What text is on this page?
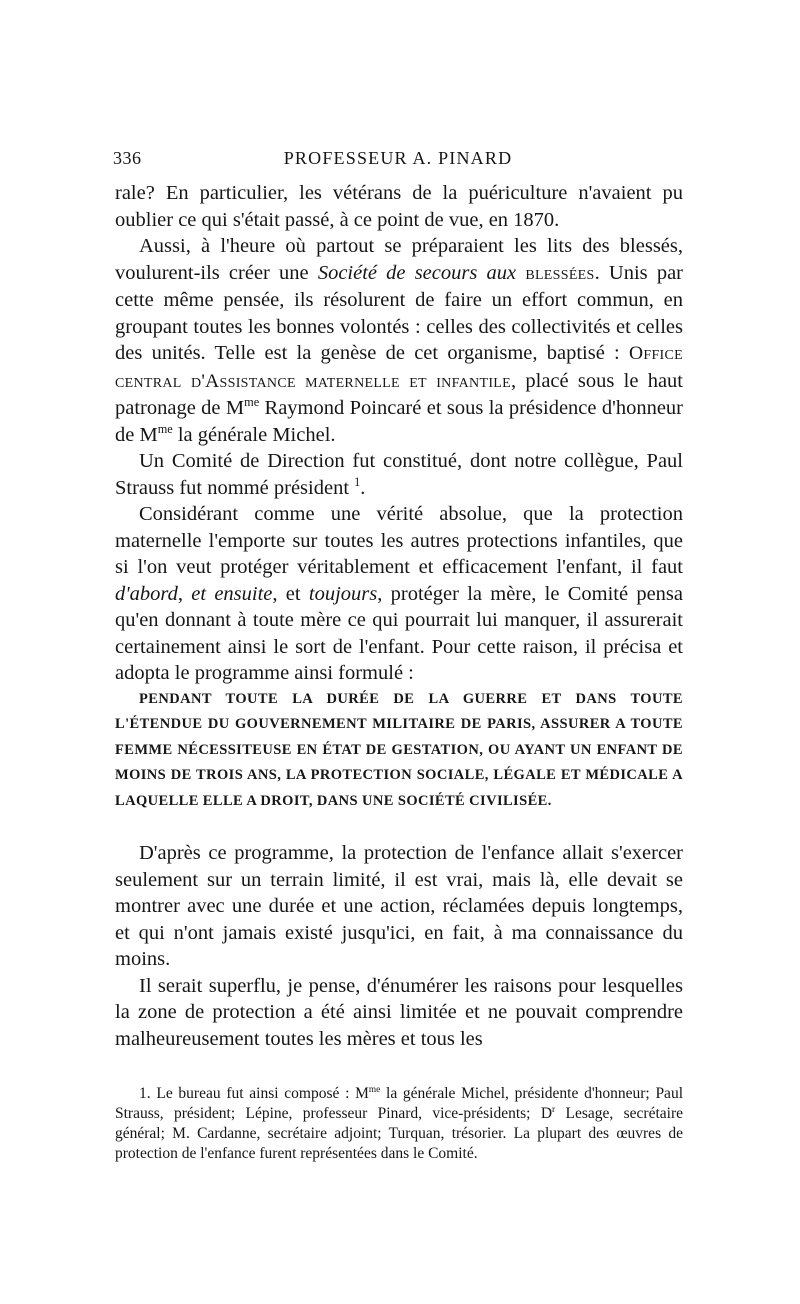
336	PROFESSEUR A. PINARD

rale? En particulier, les vétérans de la puériculture n'avaient pu oublier ce qui s'était passé, à ce point de vue, en 1870.

Aussi, à l'heure où partout se préparaient les lits des blessés, voulurent-ils créer une Société de secours aux blessées. Unis par cette même pensée, ils résolurent de faire un effort commun, en groupant toutes les bonnes volontés : celles des collectivités et celles des unités. Telle est la genèse de cet organisme, baptisé : Office central d'Assistance maternelle et infantile, placé sous le haut patronage de $M^{me}$ Raymond Poincaré et sous la présidence d'honneur de $M^{me}$ la générale Michel.

Un Comité de Direction fut constitué, dont notre collègue, Paul Strauss fut nommé président $^1$.

Considérant comme une vérité absolue, que la protection maternelle l'emporte sur toutes les autres protections infantiles, que si l'on veut protéger véritablement et efficacement l'enfant, il faut d'abord, et ensuite, et toujours, protéger la mère, le Comité pensa qu'en donnant à toute mère ce qui pourrait lui manquer, il assurerait certainement ainsi le sort de l'enfant. Pour cette raison, il précisa et adopta le programme ainsi formulé :

PENDANT TOUTE LA DURÉE DE LA GUERRE ET DANS TOUTE L'ÉTENDUE DU GOUVERNEMENT MILITAIRE DE PARIS, ASSURER A TOUTE FEMME NÉCESSITEUSE EN ÉTAT DE GESTATION, OU AYANT UN ENFANT DE MOINS DE TROIS ANS, LA PROTECTION SOCIALE, LÉGALE ET MÉDICALE A LAQUELLE ELLE A DROIT, DANS UNE SOCIÉTÉ CIVILISÉE.

D'après ce programme, la protection de l'enfance allait s'exercer seulement sur un terrain limité, il est vrai, mais là, elle devait se montrer avec une durée et une action, réclamées depuis longtemps, et qui n'ont jamais existé jusqu'ici, en fait, à ma connaissance du moins.

Il serait superflu, je pense, d'énumérer les raisons pour lesquelles la zone de protection a été ainsi limitée et ne pouvait comprendre malheureusement toutes les mères et tous les

1. Le bureau fut ainsi composé : $M^{me}$ la générale Michel, présidente d'honneur; Paul Strauss, président; Lépine, professeur Pinard, vice-présidents; $D^r$ Lesage, secrétaire général; M. Cardanne, secrétaire adjoint; Turquan, trésorier. La plupart des œuvres de protection de l'enfance furent représentées dans le Comité.
